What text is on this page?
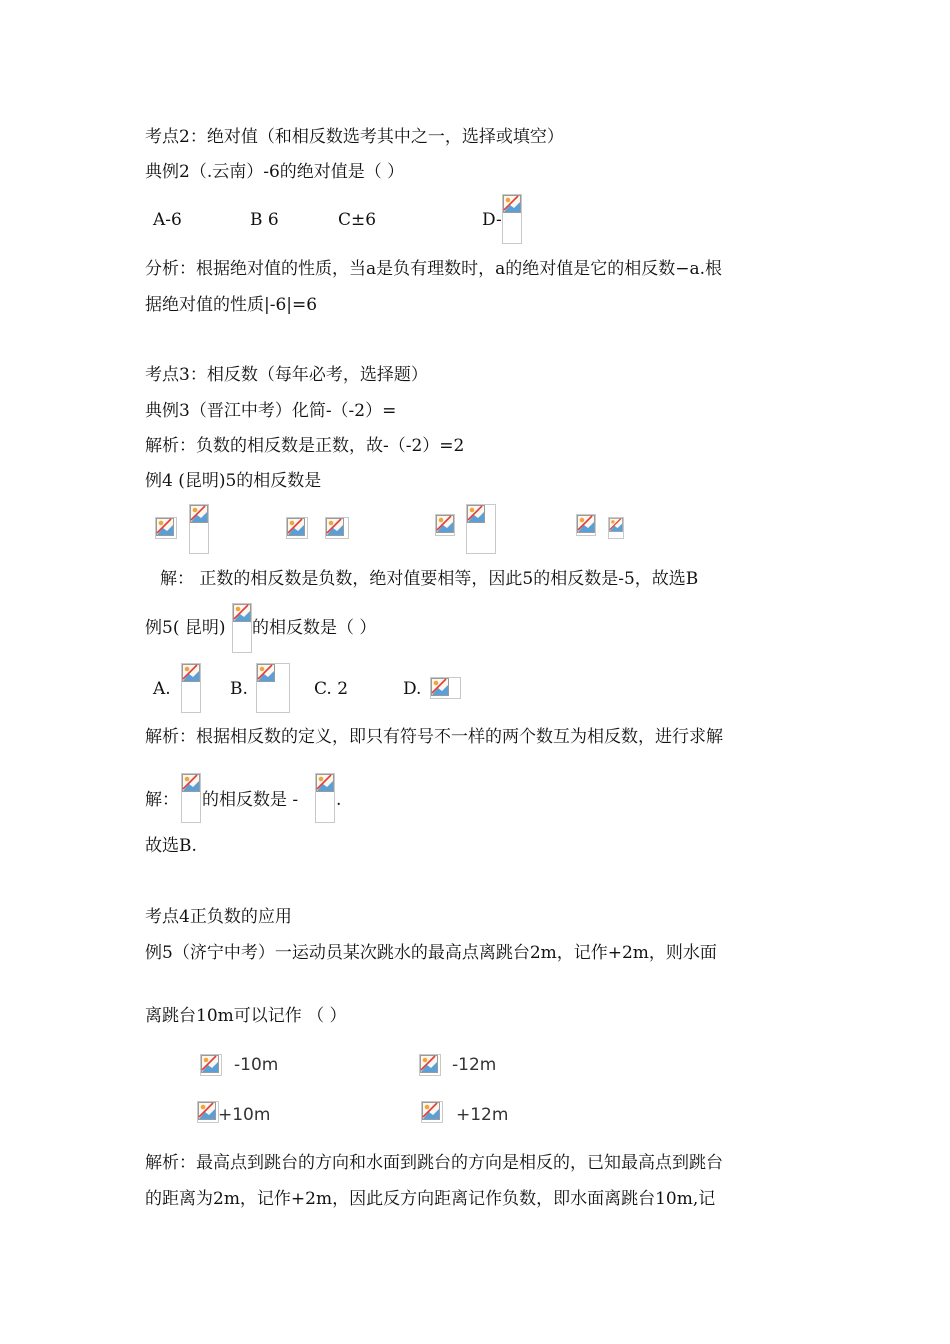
考点2：绝对值（和相反数选考其中之一，选择或填空）
典例2（.云南）-6的绝对值是（ ）
A-6	B 6	C±6	D-
分析：根据绝对值的性质，当a是负有理数时，a的绝对值是它的相反数−a.根
据绝对值的性质|-6|=6
考点3：相反数（每年必考，选择题）
典例3（晋江中考）化简-（-2）=
解析：负数的相反数是正数，故-（-2）=2
例4 (昆明)5的相反数是
解： 正数的相反数是负数，绝对值要相等，因此5的相反数是-5，故选B
例5( 昆明) 的相反数是（ ）
A.	B.	C. 2	D.
解析：根据相反数的定义，即只有符号不一样的两个数互为相反数，进行求解
解： 的相反数是 - .
故选B.
考点4正负数的应用
例5（济宁中考）一运动员某次跳水的最高点离跳台2m，记作+2m，则水面
离跳台10m可以记作 （ ）
-10m	-12m
+10m	+12m
解析：最高点到跳台的方向和水面到跳台的方向是相反的，已知最高点到跳台
的距离为2m，记作+2m，因此反方向距离记作负数，即水面离跳台10m,记
